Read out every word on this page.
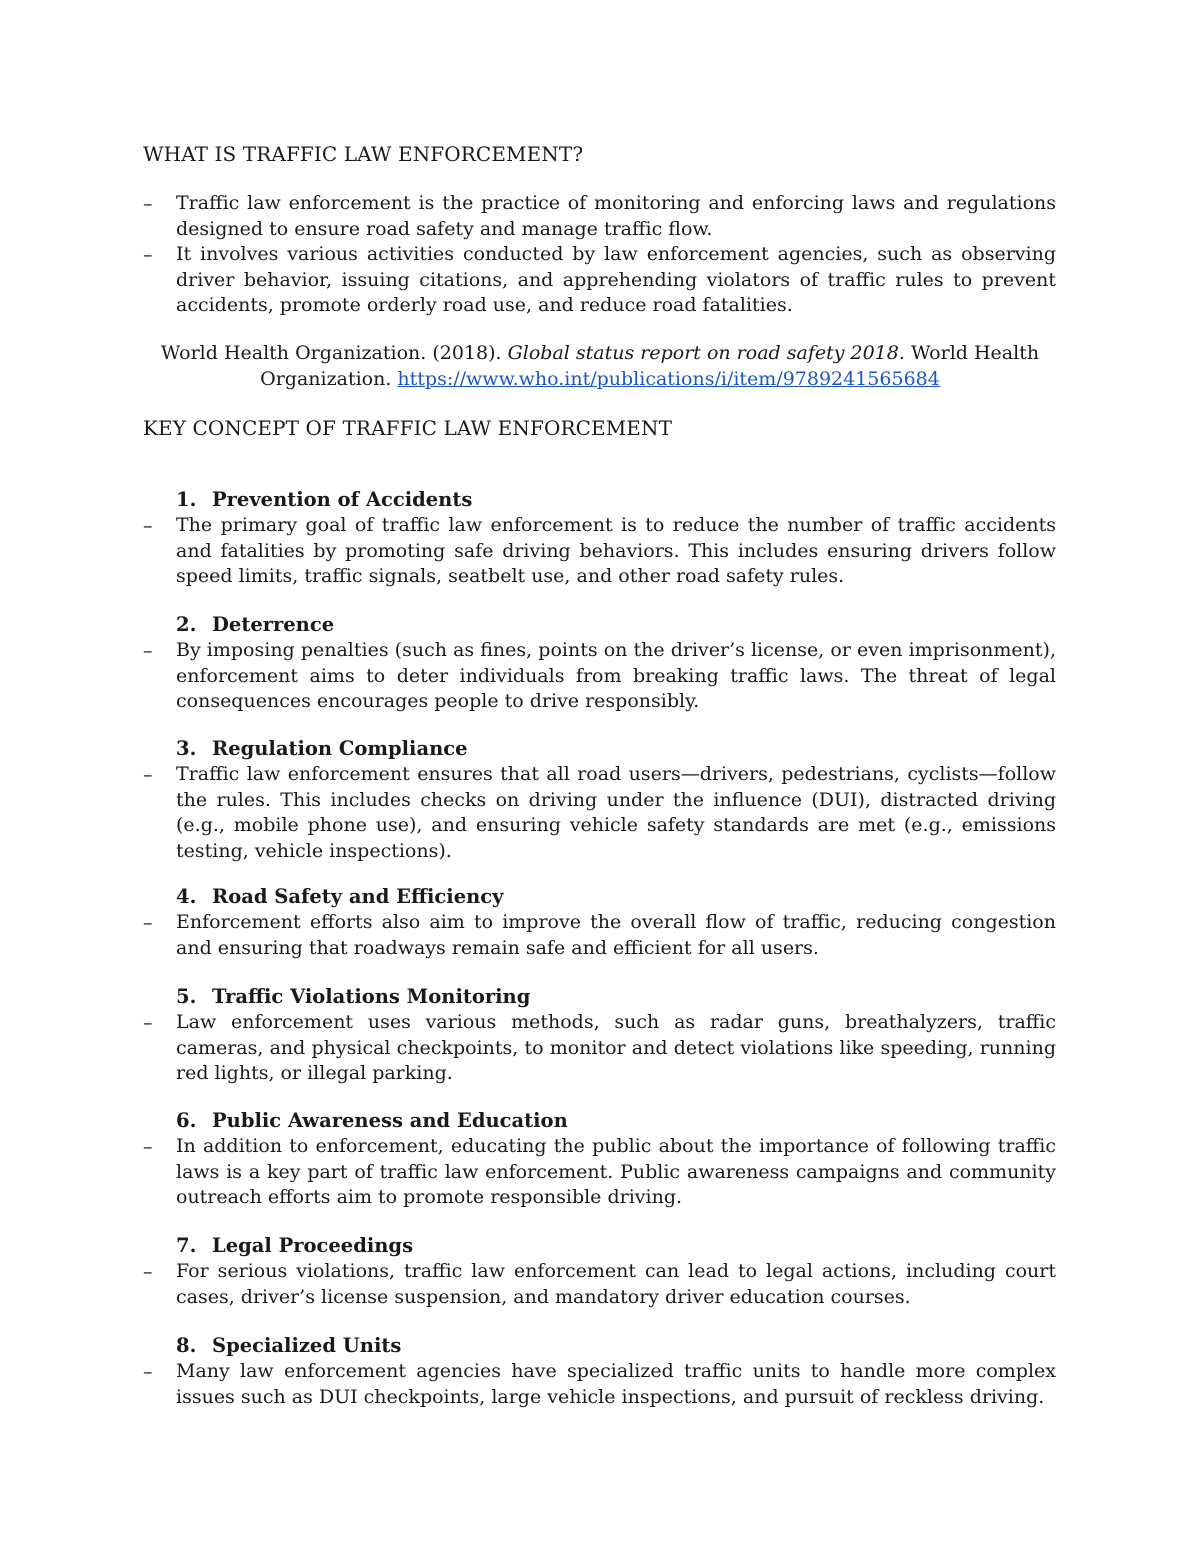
WHAT IS TRAFFIC LAW ENFORCEMENT?
–	Traffic law enforcement is the practice of monitoring and enforcing laws and regulations designed to ensure road safety and manage traffic flow.

–	It involves various activities conducted by law enforcement agencies, such as observing driver behavior, issuing citations, and apprehending violators of traffic rules to prevent accidents, promote orderly road use, and reduce road fatalities.

World Health Organization. (2018). Global status report on road safety 2018. World Health Organization. https://www.who.int/publications/i/item/9789241565684

KEY CONCEPT OF TRAFFIC LAW ENFORCEMENT

1. Prevention of Accidents

–	The primary goal of traffic law enforcement is to reduce the number of traffic accidents and fatalities by promoting safe driving behaviors. This includes ensuring drivers follow speed limits, traffic signals, seatbelt use, and other road safety rules.

2. Deterrence

–	By imposing penalties (such as fines, points on the driver’s license, or even imprisonment), enforcement aims to deter individuals from breaking traffic laws. The threat of legal consequences encourages people to drive responsibly.

3. Regulation Compliance

–	Traffic law enforcement ensures that all road users—drivers, pedestrians, cyclists—follow the rules. This includes checks on driving under the influence (DUI), distracted driving (e.g., mobile phone use), and ensuring vehicle safety standards are met (e.g., emissions testing, vehicle inspections).

4. Road Safety and Efficiency

–	Enforcement efforts also aim to improve the overall flow of traffic, reducing congestion and ensuring that roadways remain safe and efficient for all users.

5. Traffic Violations Monitoring

–	Law enforcement uses various methods, such as radar guns, breathalyzers, traffic cameras, and physical checkpoints, to monitor and detect violations like speeding, running red lights, or illegal parking.

6. Public Awareness and Education

–	In addition to enforcement, educating the public about the importance of following traffic laws is a key part of traffic law enforcement. Public awareness campaigns and community outreach efforts aim to promote responsible driving.

7. Legal Proceedings

–	For serious violations, traffic law enforcement can lead to legal actions, including court cases, driver’s license suspension, and mandatory driver education courses.

8. Specialized Units

–	Many law enforcement agencies have specialized traffic units to handle more complex issues such as DUI checkpoints, large vehicle inspections, and pursuit of reckless driving.
